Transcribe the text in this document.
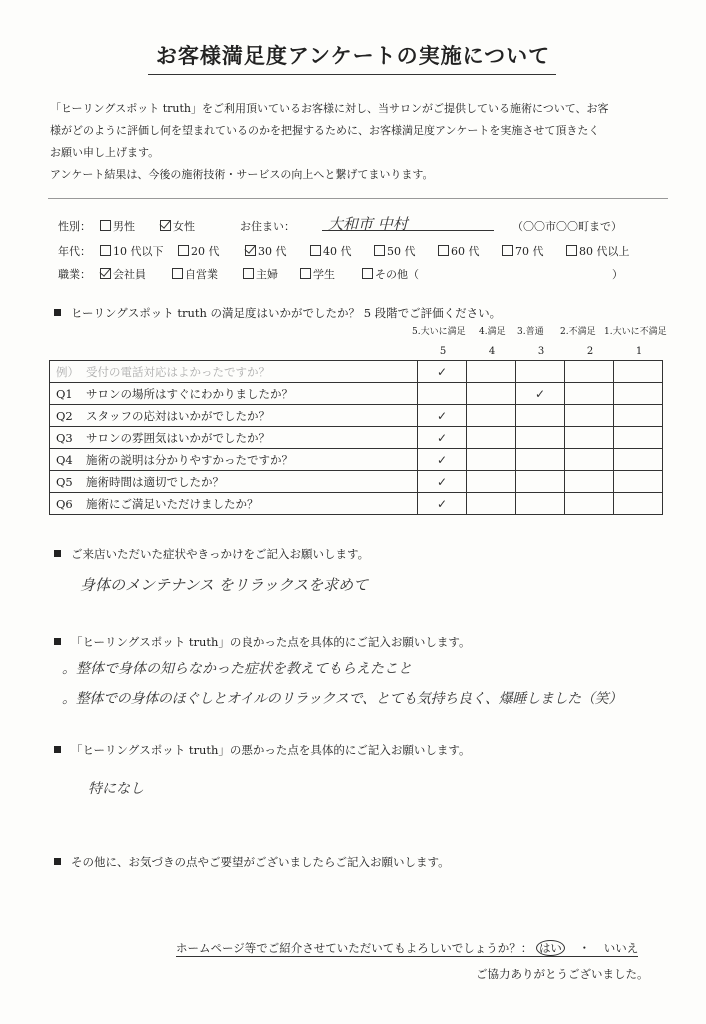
お客様満足度アンケートの実施について

「ヒーリングスポット truth」をご利用頂いているお客様に対し、当サロンがご提供している施術について、お客

様がどのように評価し何を望まれているのかを把握するために、お客様満足度アンケートを実施させて頂きたく

お願い申し上げます。

アンケート結果は、今後の施術技術・サービスの向上へと繋げてまいります。

性別：	男性	女性	お住まい： 大和市 中村	（〇〇市〇〇町まで）
年代：	10 代以下	20 代	30 代	40 代	50 代	60 代	70 代	80 代以上
職業：	会社員	自営業	主婦	学生	その他（	）
ヒーリングスポット truth の満足度はいかがでしたか？ 5 段階でご評価ください。
5.大いに満足 4.満足 3.普通 2.不満足 1.大いに不満足
5	4	3	2	1
例） 受付の電話対応はよかったですか？	✓				
Q1 サロンの場所はすぐにわかりましたか？			✓		
Q2 スタッフの応対はいかがでしたか？	✓				
Q3 サロンの雰囲気はいかがでしたか？	✓				
Q4 施術の説明は分かりやすかったですか？	✓				
Q5 施術時間は適切でしたか？	✓				
Q6 施術にご満足いただけましたか？	✓				
ご来店いただいた症状やきっかけをご記入お願いします。
身体のメンテナンス をリラックスを求めて
「ヒーリングスポット truth」の良かった点を具体的にご記入お願いします。
。整体で身体の知らなかった症状を教えてもらえたこと
。整体での身体のほぐしとオイルのリラックスで、とても気持ち良く、爆睡しました（笑）
「ヒーリングスポット truth」の悪かった点を具体的にご記入お願いします。
特になし
その他に、お気づきの点やご要望がございましたらご記入お願いします。
ホームページ等でご紹介させていただいてもよろしいでしょうか？： はい ・ いいえ
ご協力ありがとうございました。
